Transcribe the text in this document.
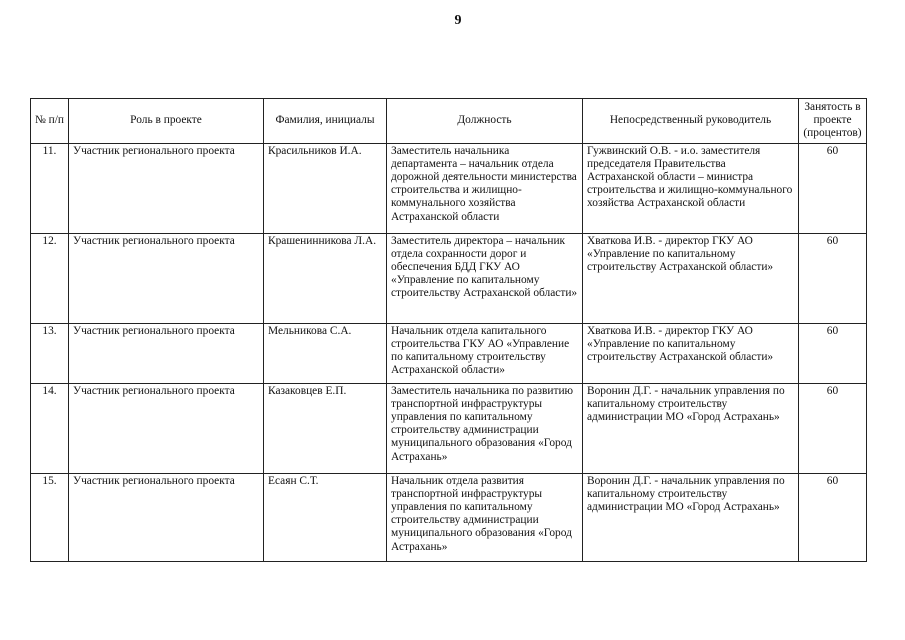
9
№ п/п	Роль в проекте	Фамилия, инициалы	Должность	Непосредственный руководитель	Занятость в проекте (процентов)
11.	Участник регионального проекта	Красильников И.А.	Заместитель начальника департамента – начальник отдела дорожной деятельности министерства строительства и жилищно-коммунального хозяйства Астраханской области	Гужвинский О.В. - и.о. заместителя председателя Правительства Астраханской области – министра строительства и жилищно-коммунального хозяйства Астраханской области	60
12.	Участник регионального проекта	Крашенинникова Л.А.	Заместитель директора – начальник отдела сохранности дорог и обеспечения БДД ГКУ АО «Управление по капитальному строительству Астраханской области»	Хваткова И.В. - директор ГКУ АО «Управление по капитальному строительству Астраханской области»	60
13.	Участник регионального проекта	Мельникова С.А.	Начальник отдела капитального строительства ГКУ АО «Управление по капитальному строительству Астраханской области»	Хваткова И.В. - директор ГКУ АО «Управление по капитальному строительству Астраханской области»	60
14.	Участник регионального проекта	Казаковцев Е.П.	Заместитель начальника по развитию транспортной инфраструктуры управления по капитальному строительству администрации муниципального образования «Город Астрахань»	Воронин Д.Г. - начальник управления по капитальному строительству администрации МО «Город Астрахань»	60
15.	Участник регионального проекта	Есаян С.Т.	Начальник отдела развития транспортной инфраструктуры управления по капитальному строительству администрации муниципального образования «Город Астрахань»	Воронин Д.Г. - начальник управления по капитальному строительству администрации МО «Город Астрахань»	60
